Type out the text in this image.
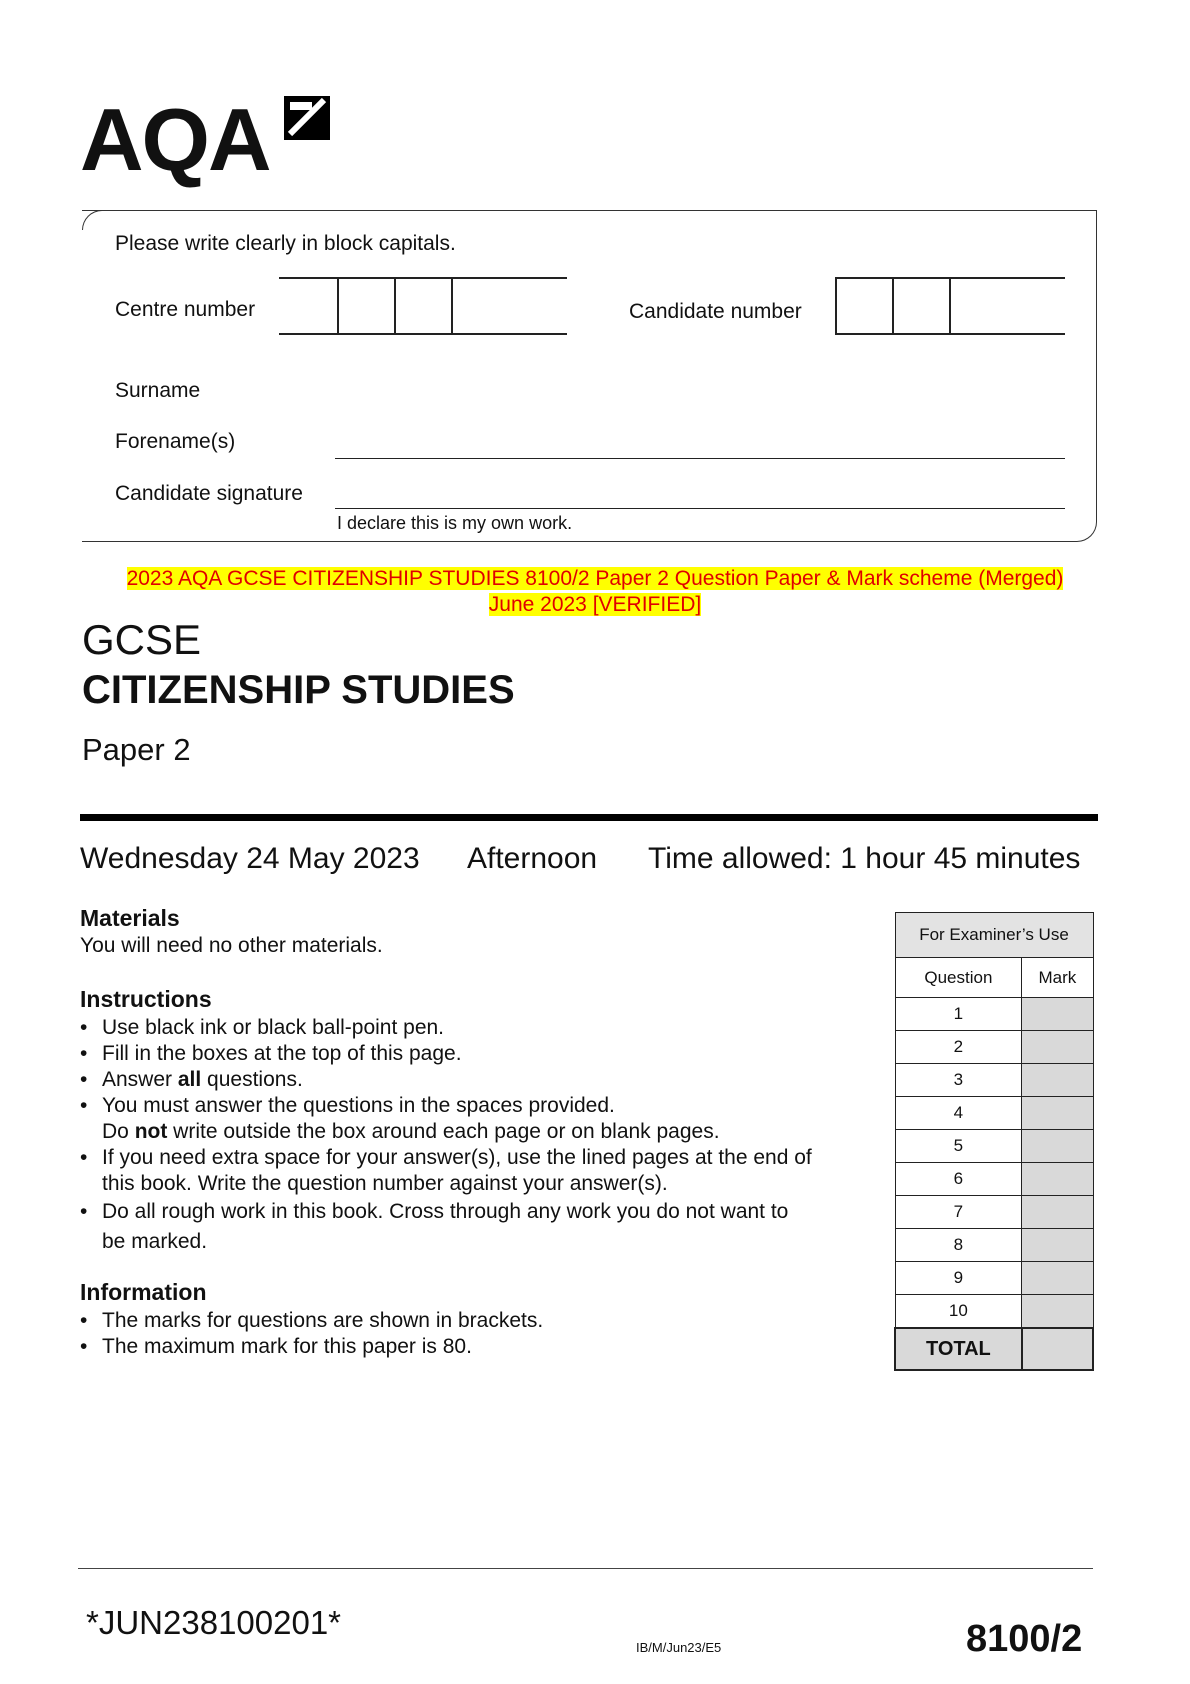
AQA
Please write clearly in block capitals.
Centre number	Candidate number
Surname
Forename(s)
Candidate signature
I declare this is my own work.
2023 AQA GCSE CITIZENSHIP STUDIES 8100/2 Paper 2 Question Paper & Mark scheme (Merged)
June 2023 [VERIFIED]
GCSE
CITIZENSHIP STUDIES
Paper 2
Wednesday 24 May 2023 Afternoon Time allowed: 1 hour 45 minutes
Materials
You will need no other materials.
Instructions
• Use black ink or black ball-point pen.
• Fill in the boxes at the top of this page.
• Answer all questions.
• You must answer the questions in the spaces provided.
Do not write outside the box around each page or on blank pages.
• If you need extra space for your answer(s), use the lined pages at the end of this book. Write the question number against your answer(s).
• Do all rough work in this book. Cross through any work you do not want to be marked.
Information
• The marks for questions are shown in brackets.
• The maximum mark for this paper is 80.
For Examiner’s Use	
Question	Mark
1	
2	
3	
4	
5	
6	
7	
8	
9	
10	
TOTAL	
*JUN238100201*
IB/M/Jun23/E5	8100/2
